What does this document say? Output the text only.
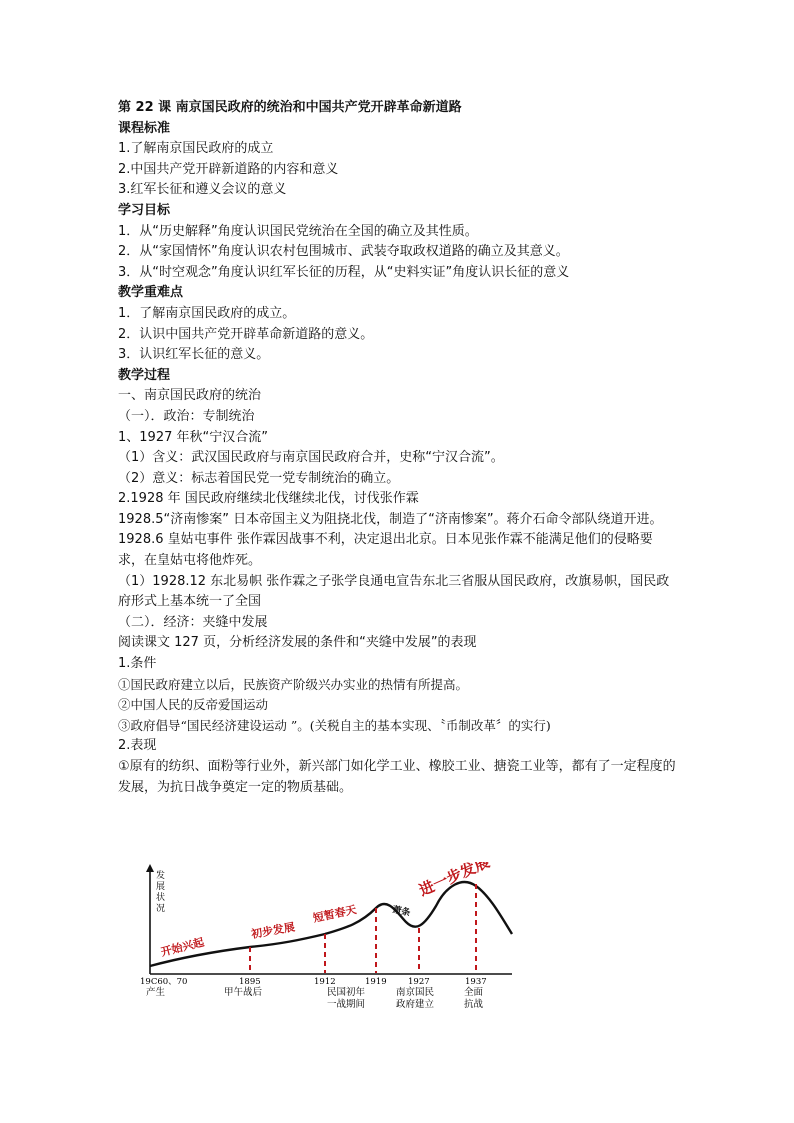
第 22 课 南京国民政府的统治和中国共产党开辟革命新道路
课程标准
1.了解南京国民政府的成立
2.中国共产党开辟新道路的内容和意义
3.红军长征和遵义会议的意义
学习目标
1．从“历史解释”角度认识国民党统治在全国的确立及其性质。
2．从“家国情怀”角度认识农村包围城市、武装夺取政权道路的确立及其意义。
3．从“时空观念”角度认识红军长征的历程，从“史料实证”角度认识长征的意义
教学重难点
1．了解南京国民政府的成立。
2．认识中国共产党开辟革命新道路的意义。
3．认识红军长征的意义。
教学过程
一、南京国民政府的统治
（一）．政治：专制统治
1、1927 年秋“宁汉合流”
（1）含义：武汉国民政府与南京国民政府合并，史称“宁汉合流”。
（2）意义：标志着国民党一党专制统治的确立。
2.1928 年 国民政府继续北伐继续北伐，讨伐张作霖
1928.5“济南惨案” 日本帝国主义为阻挠北伐，制造了“济南惨案”。蒋介石命令部队绕道开进。
1928.6 皇姑屯事件 张作霖因战事不利，决定退出北京。日本见张作霖不能满足他们的侵略要求，在皇姑屯将他炸死。
（1）1928.12 东北易帜 张作霖之子张学良通电宣告东北三省服从国民政府，改旗易帜，国民政府形式上基本统一了全国
（二）．经济：夹缝中发展
阅读课文 127 页，分析经济发展的条件和“夹缝中发展”的表现
1.条件
①国民政府建立以后，民族资产阶级兴办实业的热情有所提高。
②中国人民的反帝爱国运动
③政府倡导“国民经济建设运动 ”。(关税自主的基本实现、〝币制改革〞的实行)
2.表现
①原有的纺织、面粉等行业外，新兴部门如化学工业、橡胶工业、搪瓷工业等，都有了一定程度的发展，为抗日战争奠定一定的物质基础。
发
展
状
况
开始兴起
初步发展
短暂春天	萧条
进一步发展
19C60、70	1895	1912	1919	1927	1937
产生	甲午战后	民国初年
一战期间
南京国民
政府建立
全面
抗战
